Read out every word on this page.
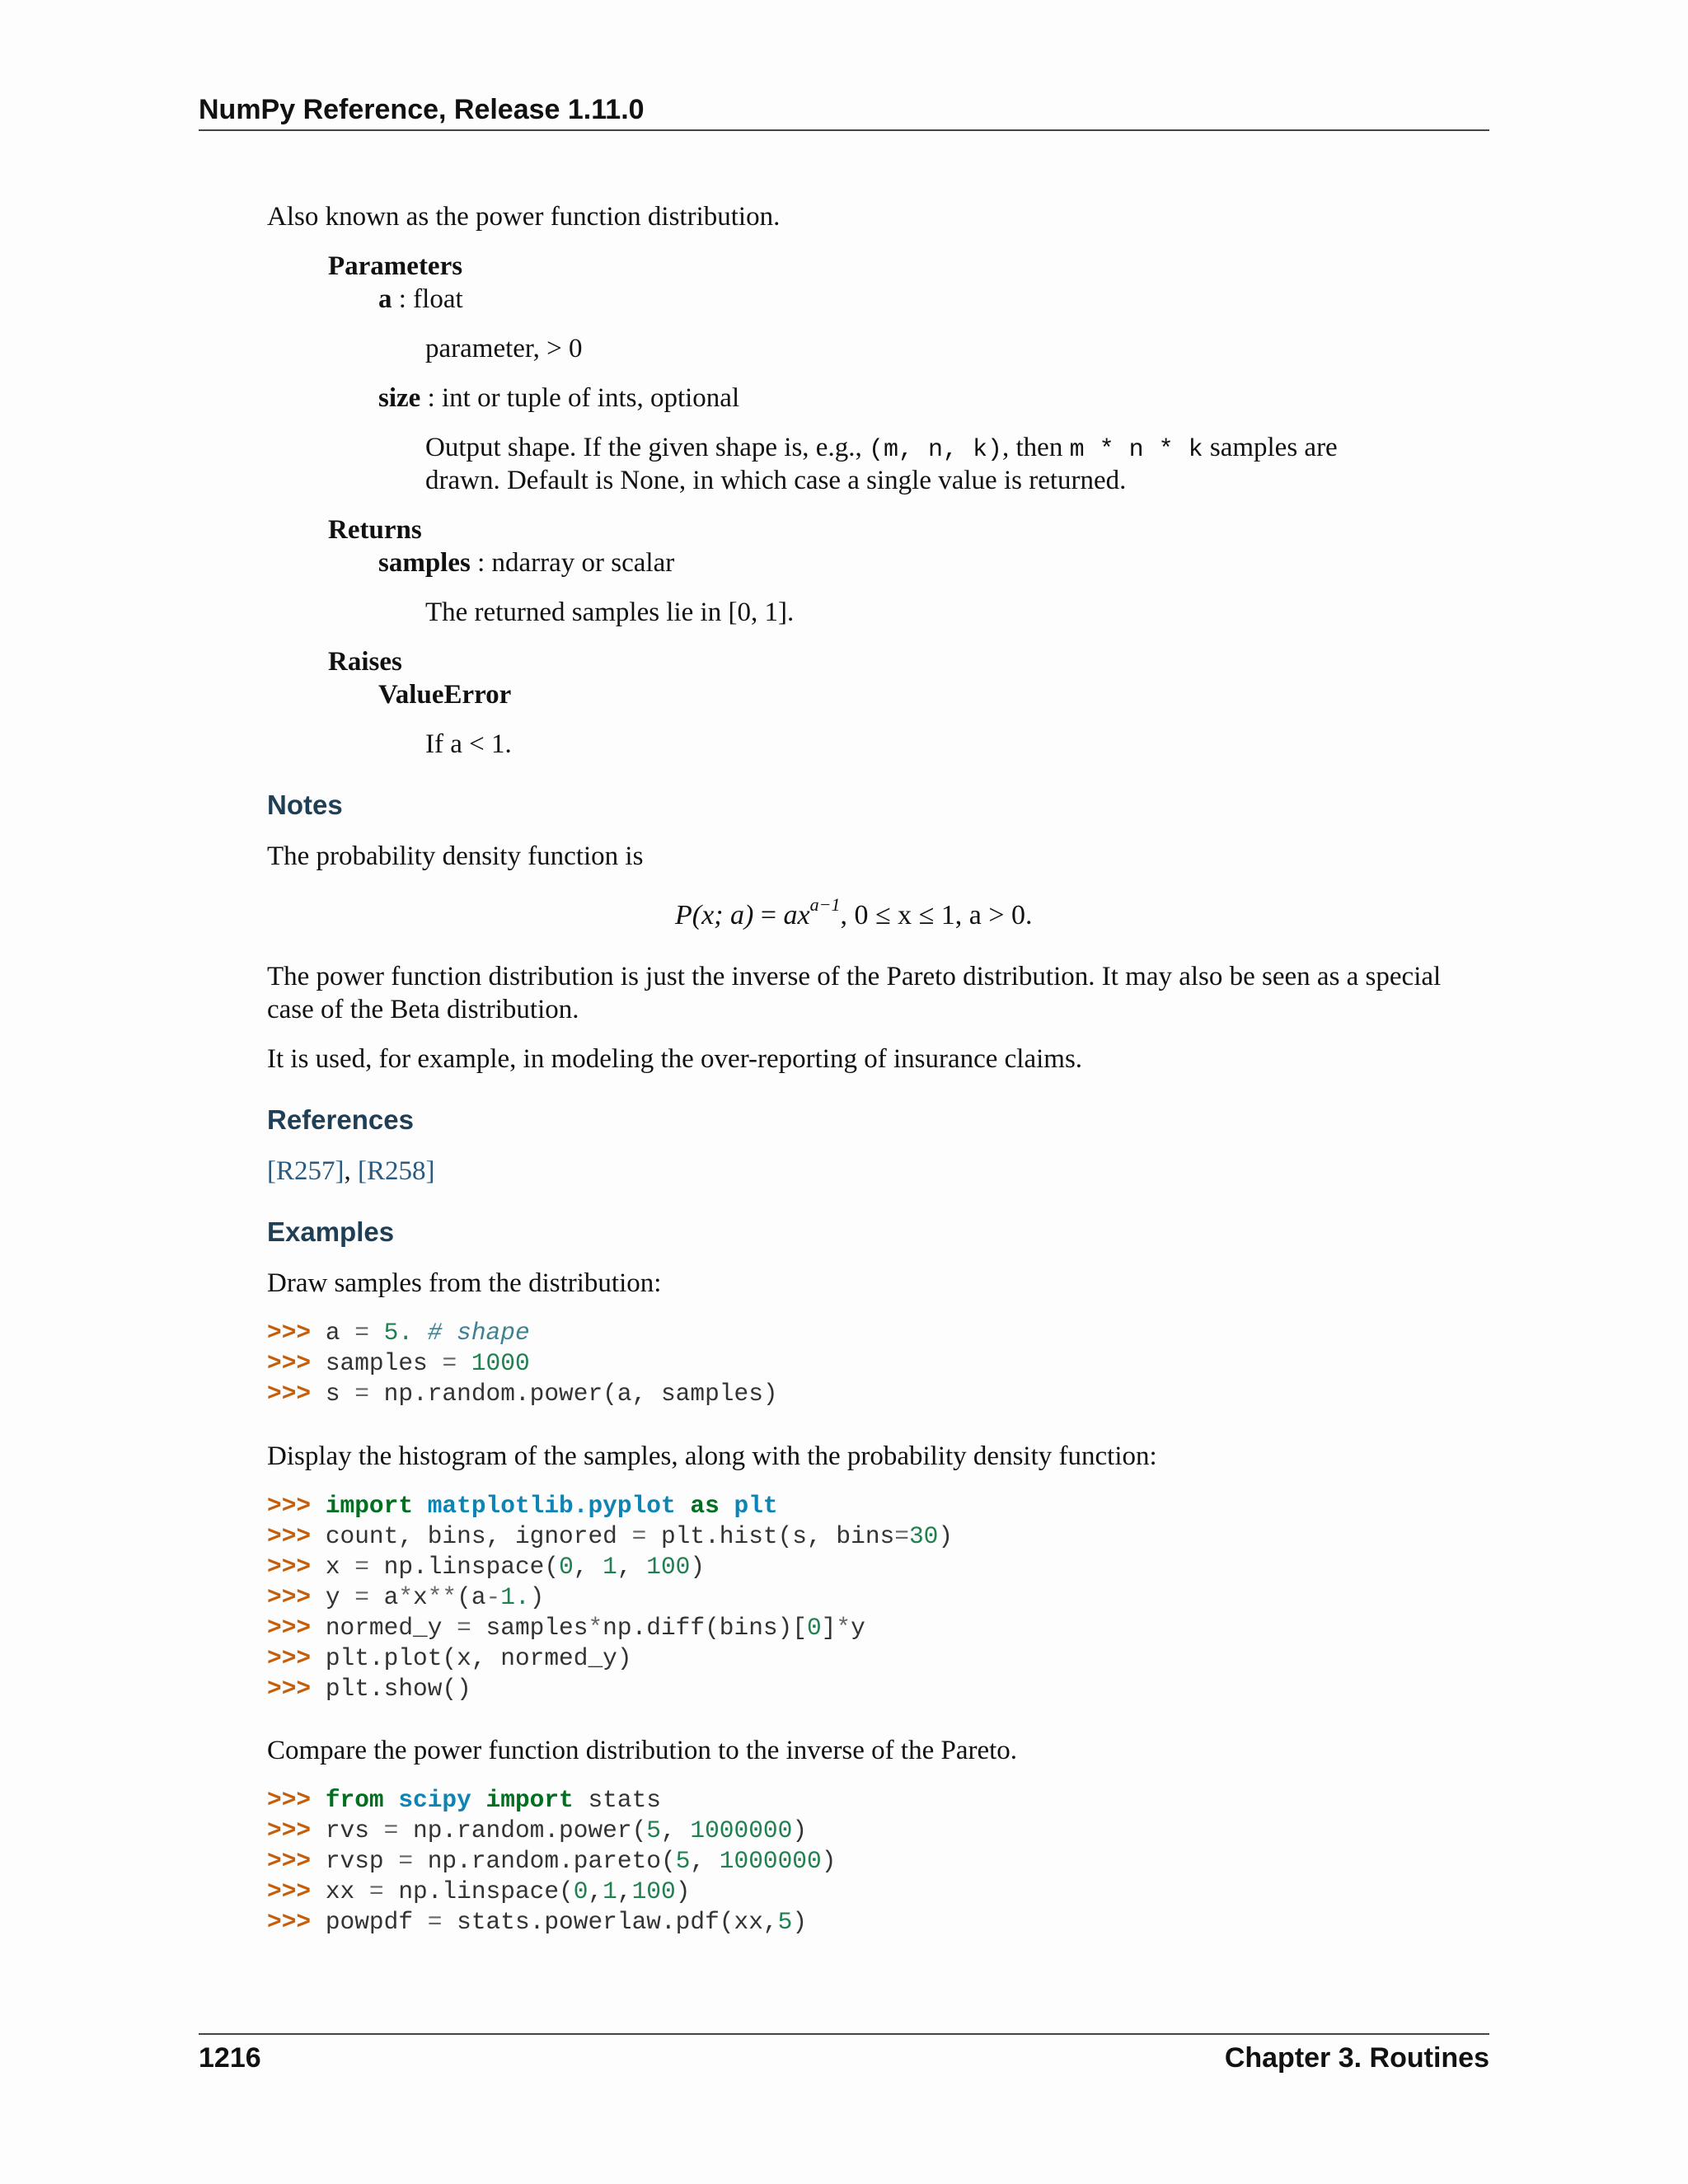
NumPy Reference, Release 1.11.0
Also known as the power function distribution.
Parameters
a : float
parameter, > 0
size : int or tuple of ints, optional
Output shape. If the given shape is, e.g., (m, n, k), then m * n * k samples are
drawn. Default is None, in which case a single value is returned.
Returns
samples : ndarray or scalar
The returned samples lie in [0, 1].
Raises
ValueError
If a < 1.
Notes
The probability density function is
P(x; $a) = ax^{a-1}$, 0 ≤ x ≤ 1, a > 0.
The power function distribution is just the inverse of the Pareto distribution. It may also be seen as a special
case of the Beta distribution.
It is used, for example, in modeling the over-reporting of insurance claims.
References
[R257], [R258]
Examples
Draw samples from the distribution:
>>> a = 5. # shape
>>> samples = 1000
>>> s = np.random.power(a, samples)
Display the histogram of the samples, along with the probability density function:
>>> import matplotlib.pyplot as plt
>>> count, bins, ignored = plt.hist(s, bins=30)
>>> x = np.linspace(0, 1, 100)
>>> y = a*x**(a-1.)
>>> normed_y = samples*np.diff(bins)[0]*y
>>> plt.plot(x, normed_y)
>>> plt.show()
Compare the power function distribution to the inverse of the Pareto.
>>> from scipy import stats
>>> rvs = np.random.power(5, 1000000)
>>> rvsp = np.random.pareto(5, 1000000)
>>> xx = np.linspace(0,1,100)
>>> powpdf = stats.powerlaw.pdf(xx,5)
1216	Chapter 3. Routines
